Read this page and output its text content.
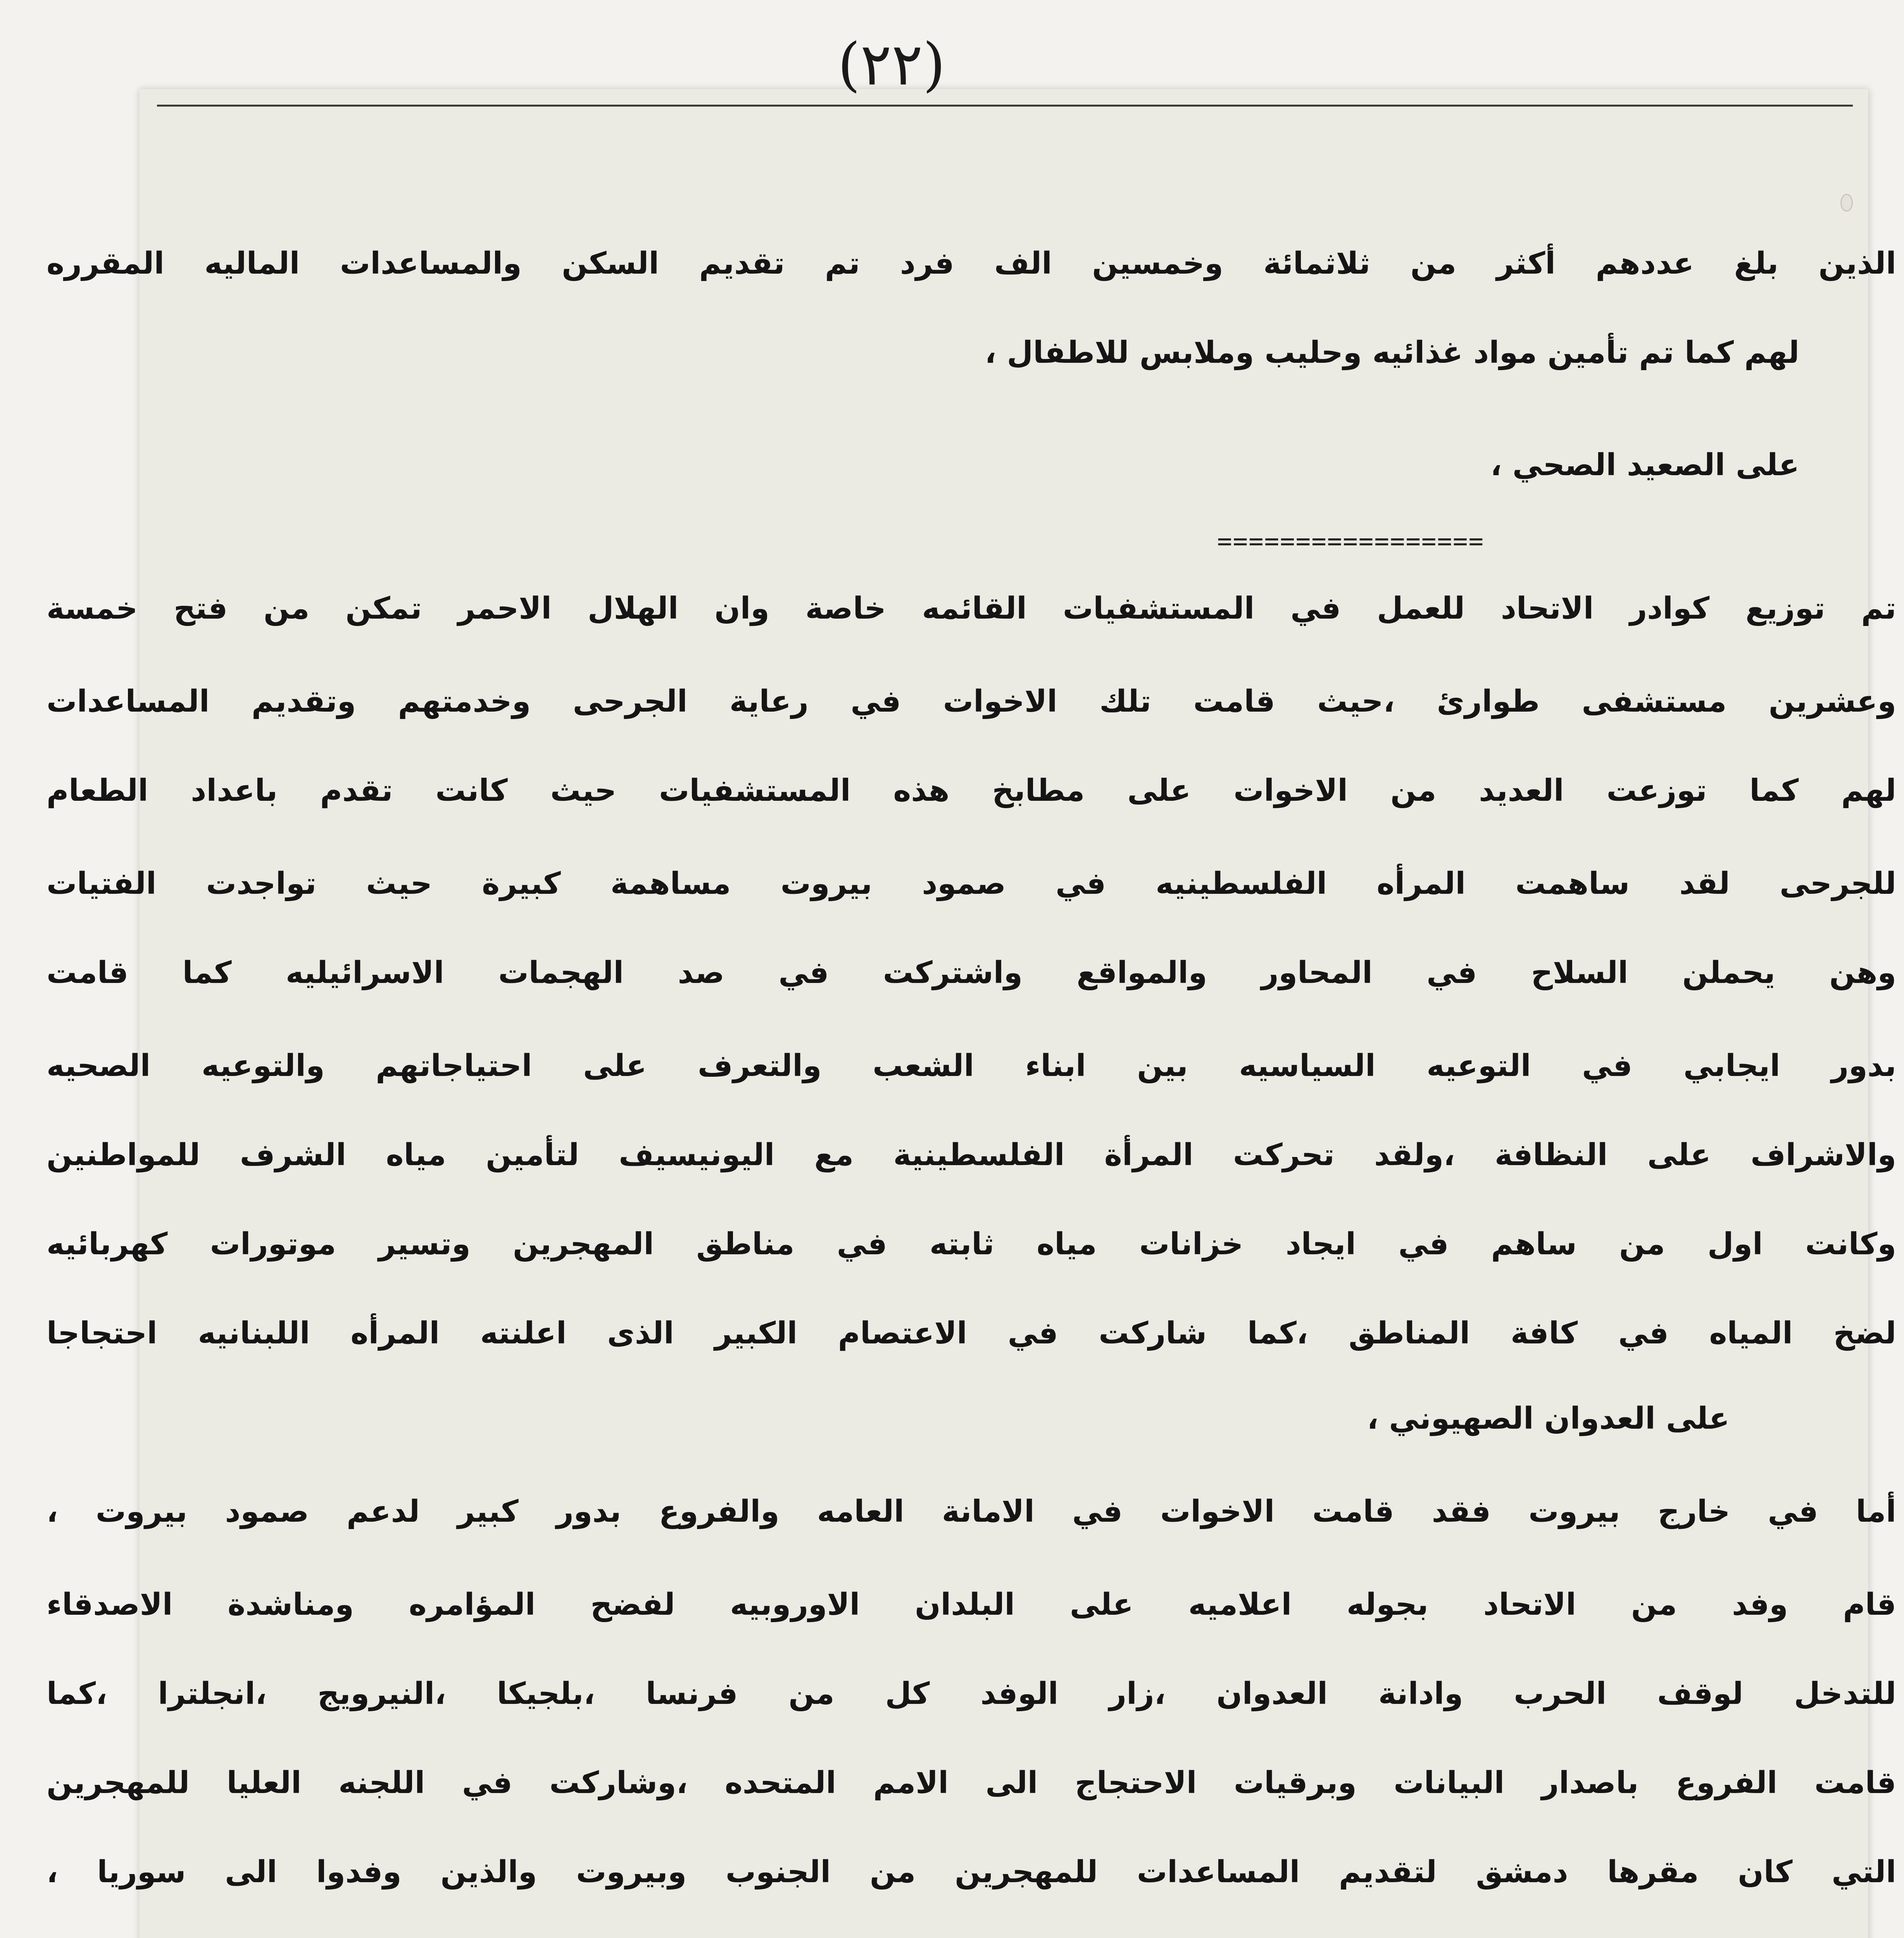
(٢٢)
الذين بلغ عددهم أكثر من ثلاثمائة وخمسين الف فرد تم تقديم السكن والمساعدات الماليه المقرره
لهم كما تم تأمين مواد غذائيه وحليب وملابس للاطفال ،
على الصعيد الصحي ،
=================
تم توزيع كوادر الاتحاد للعمل في المستشفيات القائمه خاصة وان الهلال الاحمر تمكن من فتح خمسة
وعشرين مستشفى طوارئ ،حيث قامت تلك الاخوات في رعاية الجرحى وخدمتهم وتقديم المساعدات
لهم كما توزعت العديد من الاخوات على مطابخ هذه المستشفيات حيث كانت تقدم باعداد الطعام
للجرحى لقد ساهمت المرأه الفلسطينيه في صمود بيروت مساهمة كبيرة حيث تواجدت الفتيات
وهن يحملن السلاح في المحاور والمواقع واشتركت في صد الهجمات الاسرائيليه كما قامت
بدور ايجابي في التوعيه السياسيه بين ابناء الشعب والتعرف على احتياجاتهم والتوعيه الصحيه
والاشراف على النظافة ،ولقد تحركت المرأة الفلسطينية مع اليونيسيف لتأمين مياه الشرف للمواطنين
وكانت اول من ساهم في ايجاد خزانات مياه ثابته في مناطق المهجرين وتسير موتورات كهربائيه
لضخ المياه في كافة المناطق ،كما شاركت في الاعتصام الكبير الذى اعلنته المرأه اللبنانيه احتجاجا
على العدوان الصهيوني ،
أما في خارج بيروت فقد قامت الاخوات في الامانة العامه والفروع بدور كبير لدعم صمود بيروت ،
قام وفد من الاتحاد بجوله اعلاميه على البلدان الاوروبيه لفضح المؤامره ومناشدة الاصدقاء
للتدخل لوقف الحرب وادانة العدوان ،زار الوفد كل من فرنسا ،بلجيكا ،النيرويج ،انجلترا ،كما
قامت الفروع باصدار البيانات وبرقيات الاحتجاج الى الامم المتحده ،وشاركت في اللجنه العليا للمهجرين
التي كان مقرها دمشق لتقديم المساعدات للمهجرين من الجنوب وبيروت والذين وفدوا الى سوريا ،
